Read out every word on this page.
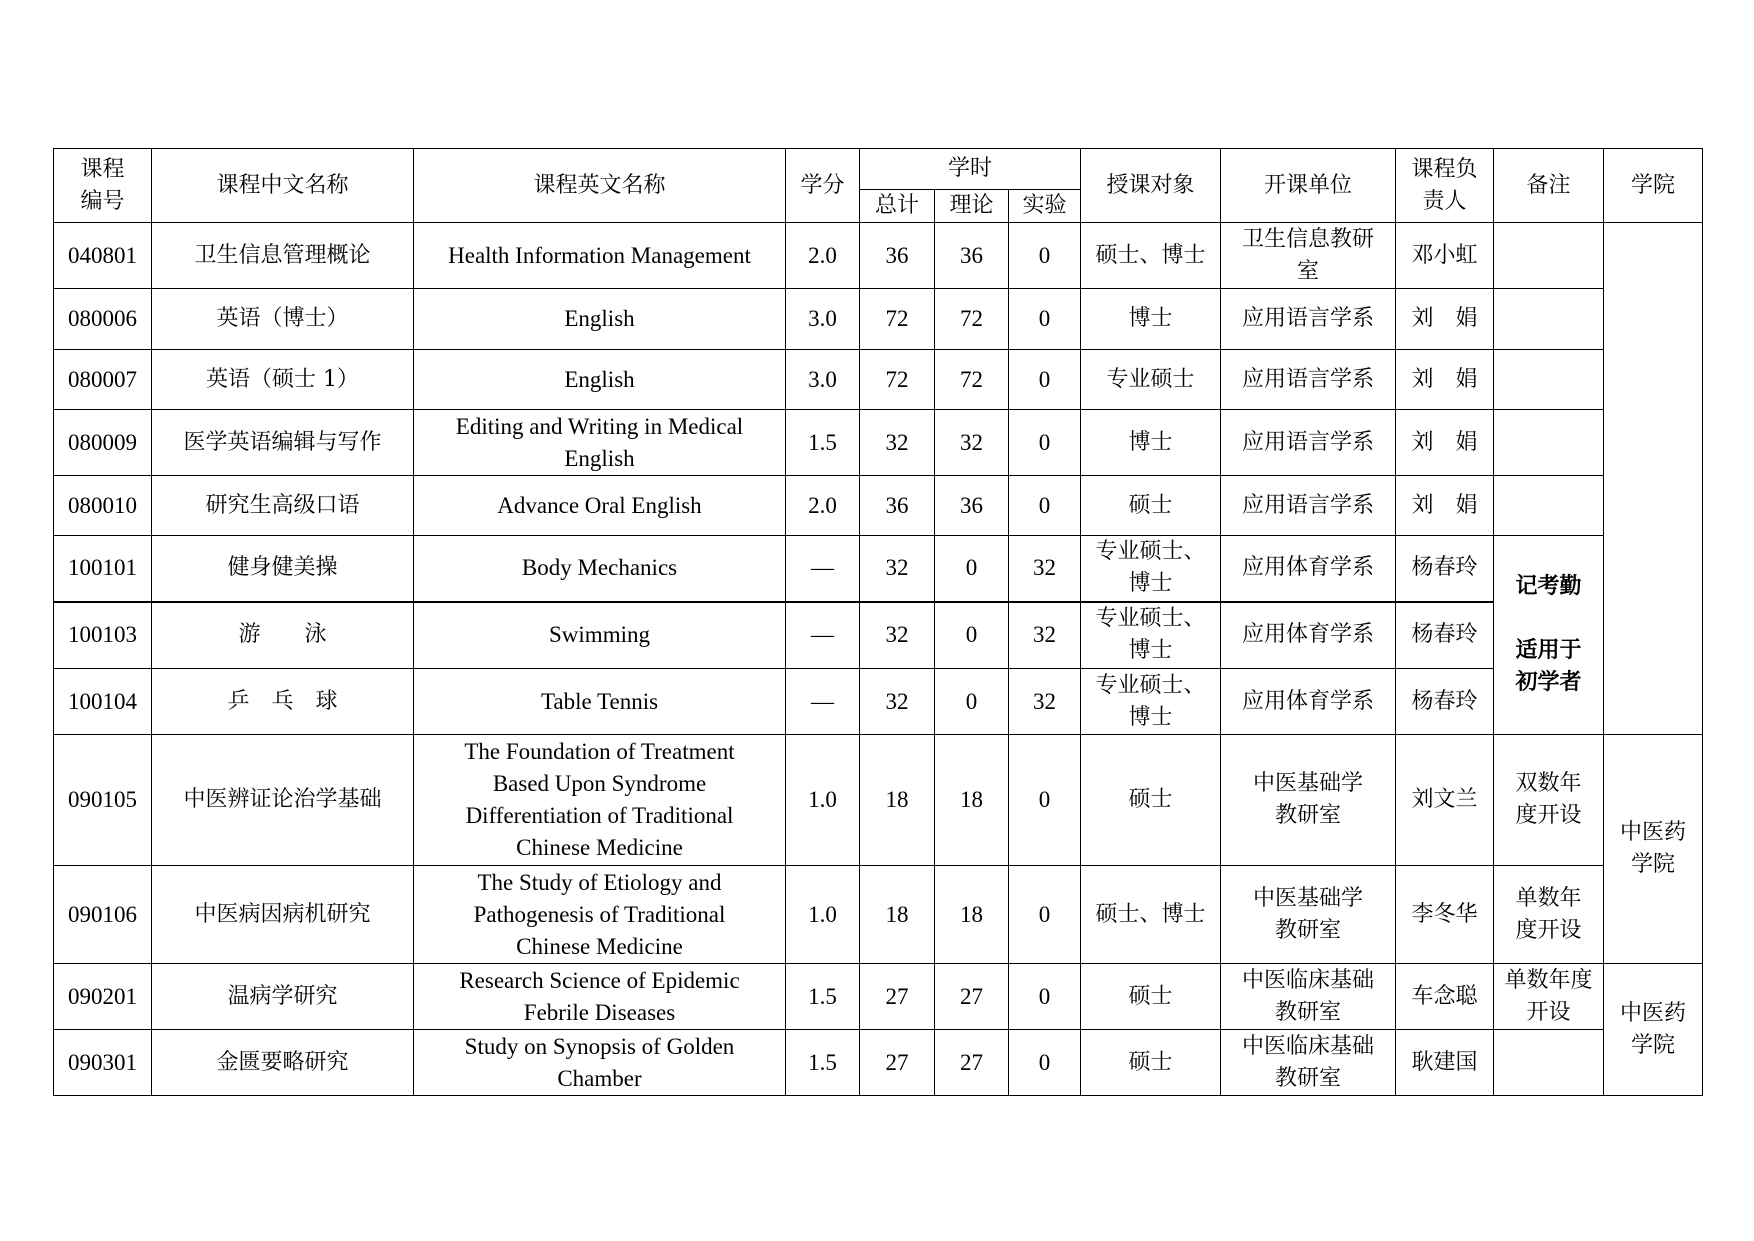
课程
编号	课程中文名称	课程英文名称	学分	学时			授课对象	开课单位	课程负
责人	备注	学院
				总计	理论	实验					
040801	卫生信息管理概论	Health Information Management	2.0	36	36	0	硕士、博士	卫生信息教研
室	邓小虹		
080006	英语（博士）	English	3.0	72	72	0	博士	应用语言学系	刘　娟		
080007	英语（硕士 1）	English	3.0	72	72	0	专业硕士	应用语言学系	刘　娟		
080009	医学英语编辑与写作	Editing and Writing in Medical
English	1.5	32	32	0	博士	应用语言学系	刘　娟		
080010	研究生高级口语	Advance Oral English	2.0	36	36	0	硕士	应用语言学系	刘　娟		
100101	健身健美操	Body Mechanics	—	32	0	32	专业硕士、
博士	应用体育学系	杨春玲	记考勤

适用于
初学者	
100103	游　　泳	Swimming	—	32	0	32	专业硕士、
博士	应用体育学系	杨春玲		
100104	乒　乓　球	Table Tennis	—	32	0	32	专业硕士、
博士	应用体育学系	杨春玲		
090105	中医辨证论治学基础	The Foundation of Treatment
Based Upon Syndrome
Differentiation of Traditional
Chinese Medicine	1.0	18	18	0	硕士	中医基础学
教研室	刘文兰	双数年
度开设	中医药
学院
090106	中医病因病机研究	The Study of Etiology and
Pathogenesis of Traditional
Chinese Medicine	1.0	18	18	0	硕士、博士	中医基础学
教研室	李冬华	单数年
度开设	
090201	温病学研究	Research Science of Epidemic
Febrile Diseases	1.5	27	27	0	硕士	中医临床基础
教研室	车念聪	单数年度
开设	中医药
学院
090301	金匮要略研究	Study on Synopsis of Golden
Chamber	1.5	27	27	0	硕士	中医临床基础
教研室	耿建国		
